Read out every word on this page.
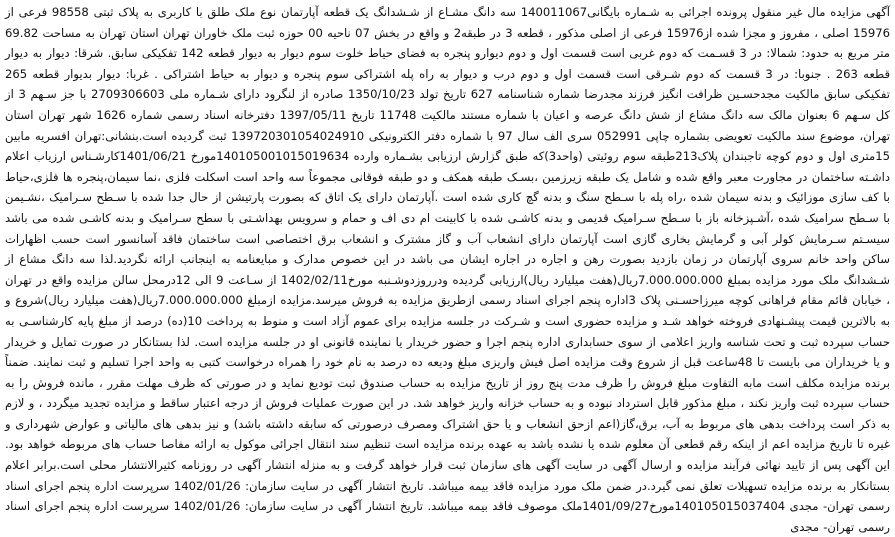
آگهی مزایده مال غیر منقول پرونده اجرائی به شـماره بایگانی140011067 سه دانگ مشـاع از شـشدانگ یک قطعه آپارتمان نوع ملک طلق با کاربری به پلاک ثبتی 98558 فرعی از 15976 اصلی ، مفروز و مجزا شده از15976 فرعی از اصلی مذکور ، قطعه 3 در طبقه2 و واقع در بخش 07 ناحیه 00 حوزه ثبت ملک خاوران تهران استان تهران به مساحت 69.82 متر مربع به حدود: شمالا: در 3 قسـمت که دوم غربی است قسمت اول و دوم دیوارو پنجره به فضای حیاط خلوت سوم دیوار به دیوار قطعه 142 تفکیکی سابق. شرقا: دیوار به دیوار قطعه 263 . جنوبا: در 3 قسمت که دوم شـرقی است قسمت اول و دوم درب و دیوار به راه پله اشتراکی سوم پنجره و دیوار به حیاط اشتراکی . غربا: دیوار بدیوار قطعه 265 تفکیکی سابق مالکیت مجدحسـین ظرافت انگیز فرزند مجدرضا شماره شناسنامه 627 تاریخ تولد 1350/10/23 صادره از لنگرود دارای شـماره ملی 2709306603 با جز سـهم 3 از کل سـهم 6 بعنوان مالک سه دانگ مشاع از شش دانگ عرصه و اعیان با شماره مستند مالکیت 11748 تاریخ 1397/05/11 دفترخانه اسناد رسمی شماره 1626 شهر تهران استان تهران، موضوع سند مالکیت تعویضی بشماره چاپی 052991 سری الف سال 97 با شماره دفتر الکترونیکی 139720301054024910 ثبت گردیده است.بنشانی:تهران افسریه مابین 15متری اول و دوم کوچه تاجبندان پلاک213طبقه سوم روئیتی (واحد3)که طبق گزارش ارزیابی بشـماره وارده 140105001015019634مورخ 1401/06/21کارشـناس ارزیاب اعلام داشـته ساختمان در مجاورت معبر واقع شده و شامل یک طبقه زیرزمین ،بسـک طبقه همکف و دو طبقه فوقانی مجموعاً سه واحد است اسکلت فلزی ،نما سیمان،پنجره ها فلزی،حیاط با کف سازی موزائیک و بدنه سیمان شده ،راه پله با سـطح سنگ و بدنه گچ کاری شده است .آپارتمان دارای یک اتاق که بصورت پارتیشن از حال جدا شده با سـطح سـرامیک ،نشـیمن با سـطح سرامیک شده ،آشـپزخانه باز با سـطح سـرامیک قدیمی و بدنه کاشـی شده با کابینت ام دی اف و حمام و سرویس بهداشـتی با سطح سـرامیک و بدنه کاشـی شده می باشد سیسـتم سـرمایش کولر آبی و گرمایش بخاری گازی است آپارتمان دارای انشعاب آب و گاز مشترک و انشعاب برق اختصاصی است ساختمان فاقد آسانسور است حسب اظهارات ساکن واحد خانم سروی آپارتمان در زمان بازدید بصورت رهن و اجاره در اجاره ایشان می باشد در این خصوص مدارک و مبایعنامه به اینجانب ارائه نگردید.لذا سه دانگ مشاع از شـشدانگ ملک مورد مزایده بمبلغ 7.000.000.000ریال(هفت میلیارد ریال)ارزیابی گردیده ودرروزدوشـنبه مورخ1402/02/11 از سـاعت 9 الی 12درمحل سالن مزایده واقع در تهران ، خیابان قائم مقام فراهانی کوچه میرزاحسـنی پلاک 3اداره پنجم اجرای اسناد رسمی ازطریق مزایده به فروش میرسد.مزایده ازمبلغ 7.000.000.000ریال(هفت میلیارد ریال)شروع و به بالاترین قیمت پیشـنهادی فروخته خواهد شـد و مزایده حضوری است و شـرکت در جلسه مزایده برای عموم آزاد است و منوط به پرداخت 10(ده) درصد از مبلغ پایه کارشناسـی به حساب سپرده ثبت و تحت شناسه واریز اعلامی از سوی حسابداری اداره پنجم اجرا و حضور خریدار یا نماینده قانونی او در جلسه مزایده است. لذا بستانکار در صورت تمایل و خریدار و یا خریداران می بایست تا 48ساعت قبل از شروع وقت مزایده اصل فیش واریزی مبلغ ودیعه ده درصد به نام خود را همراه درخواست کتبی به واحد اجرا تسلیم و ثبت نمایند. ضمناً برنده مزایده مکلف است مابه التفاوت مبلغ فروش را ظرف مدت پنج روز از تاریخ مزایده به حساب صندوق ثبت تودیع نماید و در صورتی که ظرف مهلت مقرر ، مانده فروش را به حساب سپرده ثبت واریز نکند ، مبلغ مذکور قابل استرداد نبوده و به حساب خزانه واریز خواهد شد. در این صورت عملیات فروش از درجه اعتبار ساقط و مزایده تجدید میگردد ، و لازم به ذکر است پرداخت بدهی های مربوط به آب، برق،گاز(اعم ازحق انشعاب و یا حق اشتراک ومصرف درصورتی که سابقه داشته باشد) و نیز بدهی های مالیاتی و عوارض شهرداری و غیره تا تاریخ مزایده اعم از اینکه رقم قطعی آن معلوم شده یا نشده باشد به عهده برنده مزایده است تنظیم سند انتقال اجرائی موکول به ارائه مفاصا حساب های مربوطه خواهد بود. این آگهی پس از تایید نهائی فرآیند مزایده و ارسال آگهی در سایت آگهی های سازمان ثبت قرار خواهد گرفت و به منزله انتشار آگهی در روزنامه کثیرالانتشار محلی است.برابر اعلام بستانکار به برنده مزایده تسهیلات تعلق نمی گیرد.در ضمن ملک مورد مزایده فاقد بیمه میباشد. تاریخ انتشار آگهی در سایت سازمان: 1402/01/26 سرپرست اداره پنجم اجرای اسناد رسمی تهران- مجدی 140105015037404مورخ1401/09/27ملک موصوف فاقد بیمه میباشد. تاریخ انتشار آگهی در سایت سازمان: 1402/01/26 سرپرست اداره پنجم اجرای اسناد رسمی تهران- مجدی
